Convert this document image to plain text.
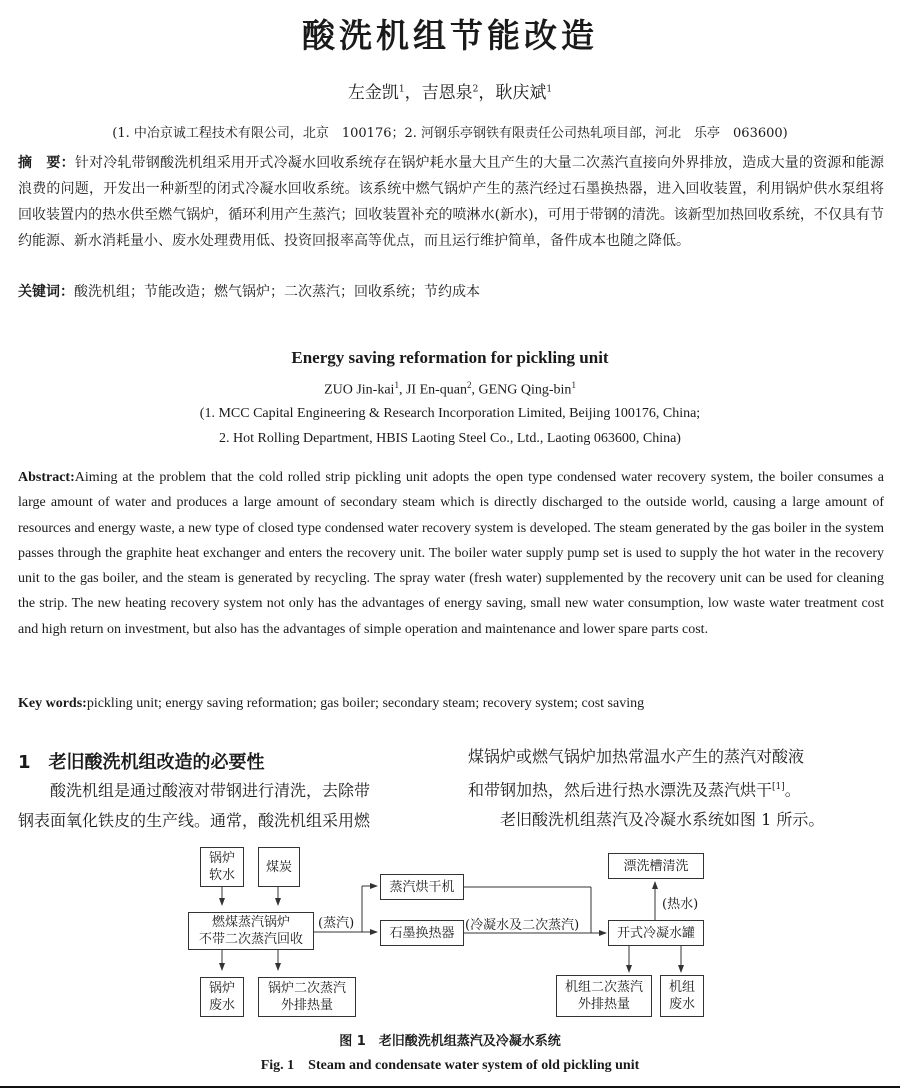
酸洗机组节能改造
左金凯$^1$，吉恩泉$^2$，耿庆斌$^1$
(1. 中冶京诚工程技术有限公司，北京　100176；2. 河钢乐亭钢铁有限责任公司热轧项目部，河北　乐亭　063600)
摘　要：针对冷轧带钢酸洗机组采用开式冷凝水回收系统存在锅炉耗水量大且产生的大量二次蒸汽直接向外界排放，造成大量的资源和能源浪费的问题，开发出一种新型的闭式冷凝水回收系统。该系统中燃气锅炉产生的蒸汽经过石墨换热器，进入回收装置，利用锅炉供水泵组将回收装置内的热水供至燃气锅炉，循环利用产生蒸汽；回收装置补充的喷淋水(新水)，可用于带钢的清洗。该新型加热回收系统，不仅具有节约能源、新水消耗量小、废水处理费用低、投资回报率高等优点，而且运行维护简单，备件成本也随之降低。
关键词：酸洗机组；节能改造；燃气锅炉；二次蒸汽；回收系统；节约成本
Energy saving reformation for pickling unit
ZUO Jin-kai$^1$, JI En-quan$^2$, GENG Qing-bin$^1$
(1. MCC Capital Engineering & Research Incorporation Limited, Beijing 100176, China;
2. Hot Rolling Department, HBIS Laoting Steel Co., Ltd., Laoting 063600, China)
Abstract:Aiming at the problem that the cold rolled strip pickling unit adopts the open type condensed water recovery system, the boiler consumes a large amount of water and produces a large amount of secondary steam which is directly discharged to the outside world, causing a large amount of resources and energy waste, a new type of closed type condensed water recovery system is developed. The steam generated by the gas boiler in the system passes through the graphite heat exchanger and enters the recovery unit. The boiler water supply pump set is used to supply the hot water in the recovery unit to the gas boiler, and the steam is generated by recycling. The spray water (fresh water) supplemented by the recovery unit can be used for cleaning the strip. The new heating recovery system not only has the advantages of energy saving, small new water consumption, low waste water treatment cost and high return on investment, but also has the advantages of simple operation and maintenance and lower spare parts cost.
Key words:pickling unit; energy saving reformation; gas boiler; secondary steam; recovery system; cost saving
1　老旧酸洗机组改造的必要性
　　酸洗机组是通过酸液对带钢进行清洗，去除带
钢表面氧化铁皮的生产线。通常，酸洗机组采用燃
煤锅炉或燃气锅炉加热常温水产生的蒸汽对酸液
和带钢加热，然后进行热水漂洗及蒸汽烘干[1]。
　　老旧酸洗机组蒸汽及冷凝水系统如图 1 所示。
锅炉
软水
煤炭
燃煤蒸汽锅炉
不带二次蒸汽回收
锅炉
废水
锅炉二次蒸汽
外排热量
蒸汽烘干机
石墨换热器
漂洗槽清洗
开式冷凝水罐
机组二次蒸汽
外排热量
机组
废水
(蒸汽)	(冷凝水及二次蒸汽)
(热水)
图 1　老旧酸洗机组蒸汽及冷凝水系统
Fig. 1　Steam and condensate water system of old pickling unit
